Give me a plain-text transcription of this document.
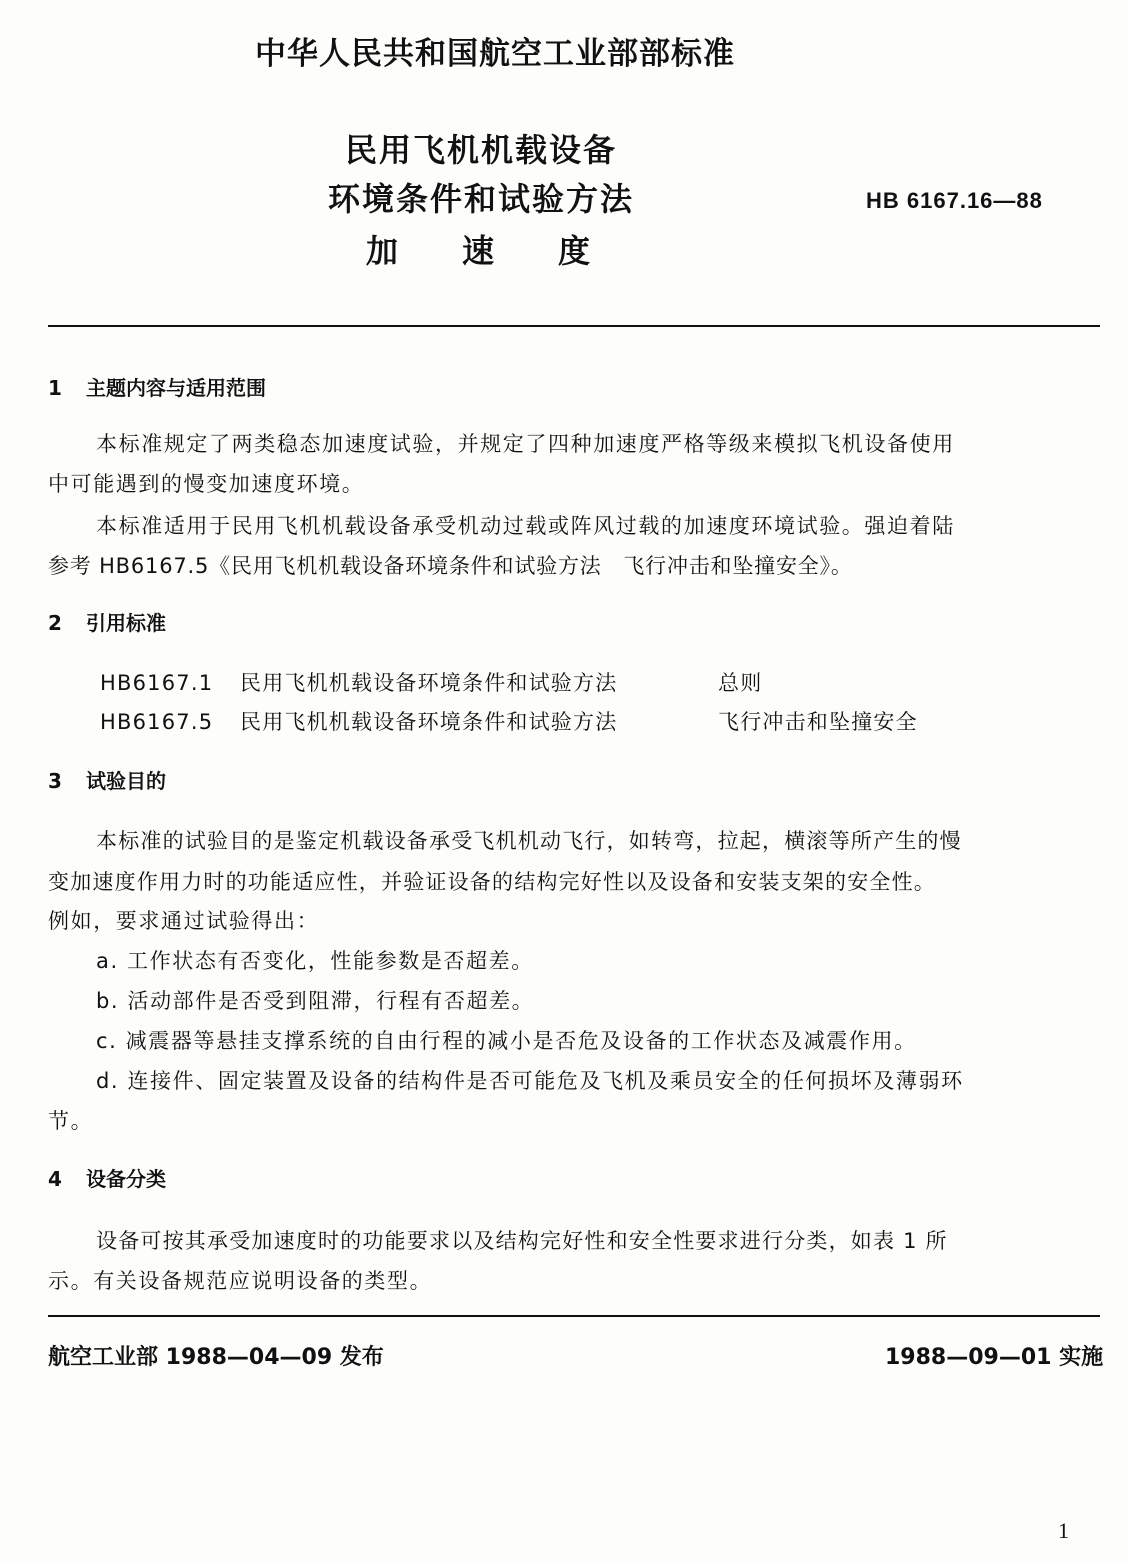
中华人民共和国航空工业部部标准
民用飞机机载设备
环境条件和试验方法
加 速 度
HB 6167.16—88
1 主题内容与适用范围
本标准规定了两类稳态加速度试验，并规定了四种加速度严格等级来模拟飞机设备使用
中可能遇到的慢变加速度环境。
本标准适用于民用飞机机载设备承受机动过载或阵风过载的加速度环境试验。强迫着陆
参考 HB6167.5《民用飞机机载设备环境条件和试验方法　飞行冲击和坠撞安全》。
2 引用标准
HB6167.1 民用飞机机载设备环境条件和试验方法	总则
HB6167.5 民用飞机机载设备环境条件和试验方法	飞行冲击和坠撞安全
3 试验目的
本标准的试验目的是鉴定机载设备承受飞机机动飞行，如转弯，拉起，横滚等所产生的慢
变加速度作用力时的功能适应性，并验证设备的结构完好性以及设备和安装支架的安全性。
例如，要求通过试验得出：
a. 工作状态有否变化，性能参数是否超差。
b. 活动部件是否受到阻滞，行程有否超差。
c. 减震器等悬挂支撑系统的自由行程的减小是否危及设备的工作状态及减震作用。
d. 连接件、固定装置及设备的结构件是否可能危及飞机及乘员安全的任何损坏及薄弱环
节。
4 设备分类
设备可按其承受加速度时的功能要求以及结构完好性和安全性要求进行分类，如表 1 所
示。有关设备规范应说明设备的类型。
航空工业部 1988—04—09 发布	1988—09—01 实施
1
